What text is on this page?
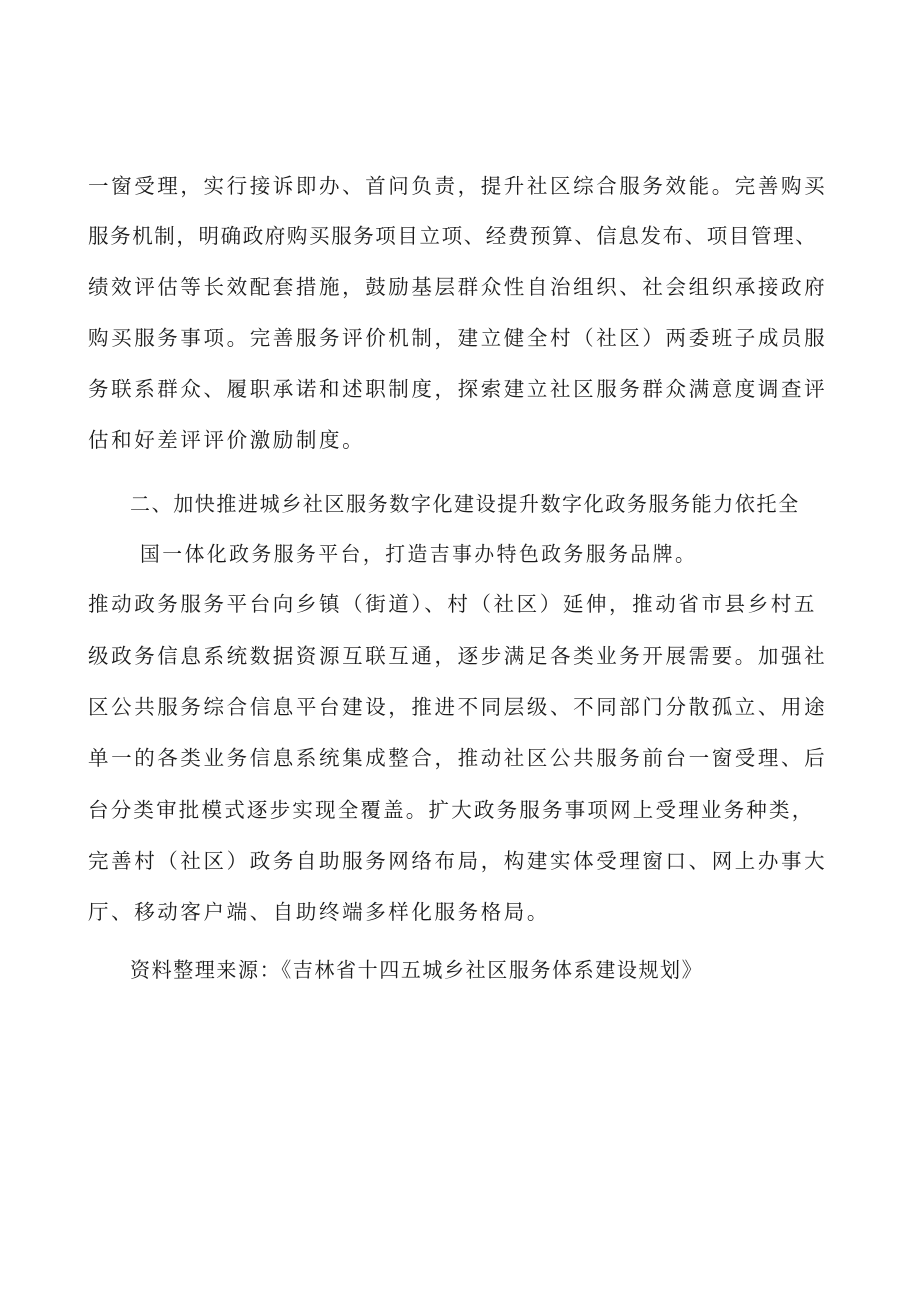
一窗受理，实行接诉即办、首问负责，提升社区综合服务效能。完善购买
服务机制，明确政府购买服务项目立项、经费预算、信息发布、项目管理、
绩效评估等长效配套措施，鼓励基层群众性自治组织、社会组织承接政府
购买服务事项。完善服务评价机制，建立健全村（社区）两委班子成员服
务联系群众、履职承诺和述职制度，探索建立社区服务群众满意度调查评
估和好差评评价激励制度。
二、加快推进城乡社区服务数字化建设提升数字化政务服务能力依托全
国一体化政务服务平台，打造吉事办特色政务服务品牌。
推动政务服务平台向乡镇（街道）、村（社区）延伸，推动省市县乡村五
级政务信息系统数据资源互联互通，逐步满足各类业务开展需要。加强社
区公共服务综合信息平台建设，推进不同层级、不同部门分散孤立、用途
单一的各类业务信息系统集成整合，推动社区公共服务前台一窗受理、后
台分类审批模式逐步实现全覆盖。扩大政务服务事项网上受理业务种类，
完善村（社区）政务自助服务网络布局，构建实体受理窗口、网上办事大
厅、移动客户端、自助终端多样化服务格局。
资料整理来源：《吉林省十四五城乡社区服务体系建设规划》
